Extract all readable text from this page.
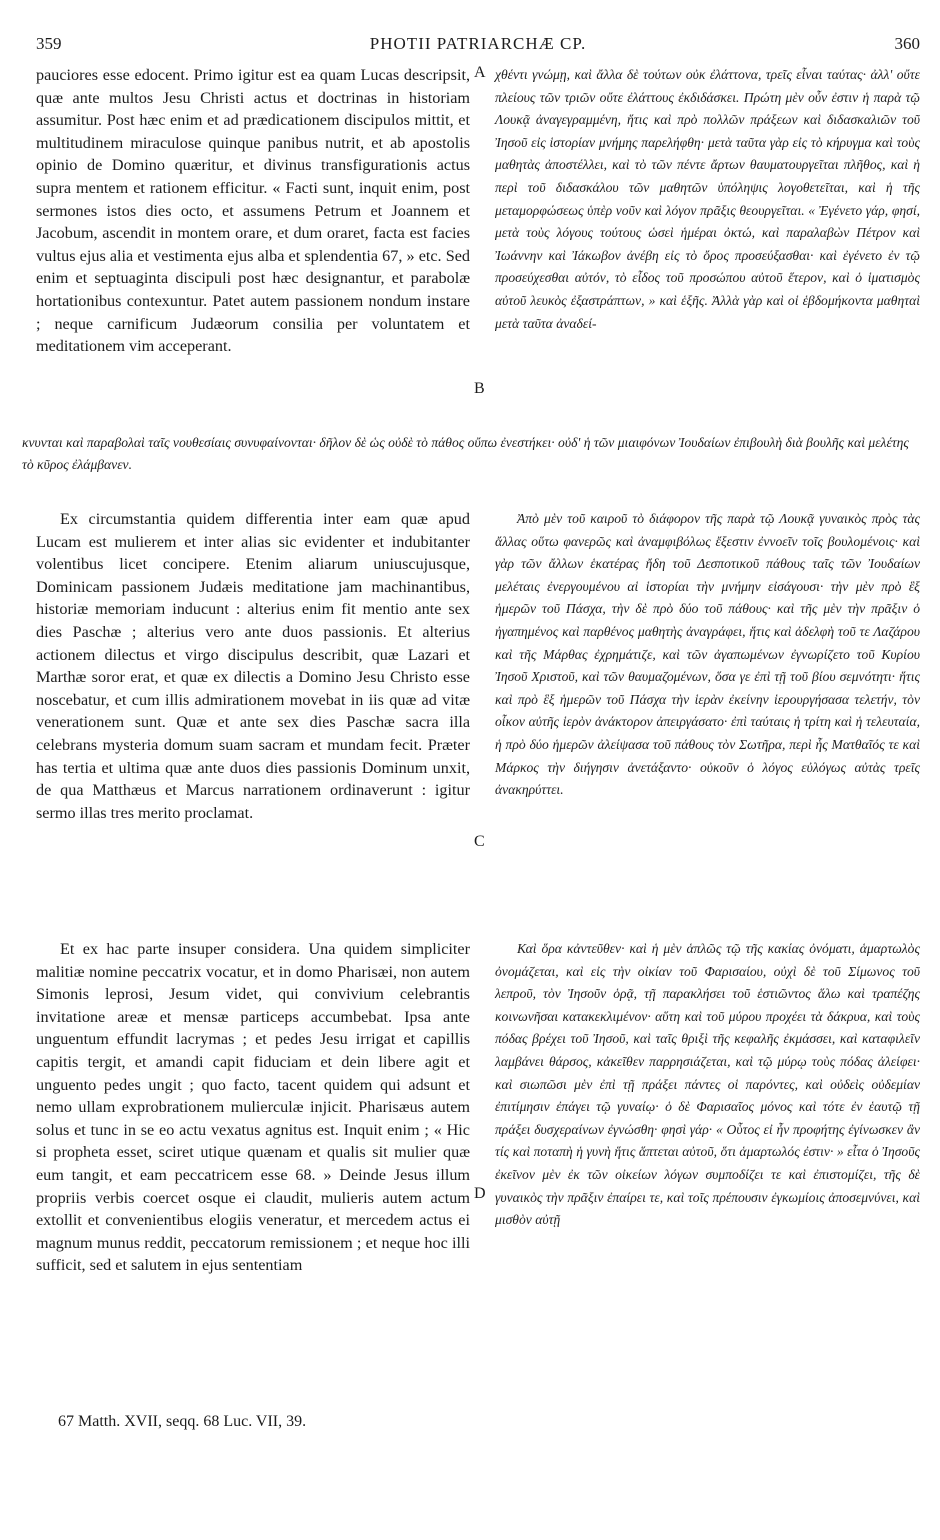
359	PHOTII PATRIARCHÆ CP.	360

pauciores esse edocent. Primo igitur est ea quam Lucas descripsit, quæ ante multos Jesu Christi actus et doctrinas in historiam assumitur. Post hæc enim et ad prædicationem discipulos mittit, et multitudinem miraculose quinque panibus nutrit, et ab apostolis opinio de Domino quæritur, et divinus transfigurationis actus supra mentem et rationem efficitur. « Facti sunt, inquit enim, post sermones istos dies octo, et assumens Petrum et Joannem et Jacobum, ascendit in montem orare, et dum oraret, facta est facies vultus ejus alia et vestimenta ejus alba et splendentia 67, » etc. Sed enim et septuaginta discipuli post hæc designantur, et parabolæ hortationibus contexuntur. Patet autem passionem nondum instare ; neque carnificum Judæorum consilia per voluntatem et meditationem vim acceperant.

χθέντι γνώμῃ, καὶ ἄλλα δὲ τούτων οὐκ ἐλάττονα, τρεῖς εἶναι ταύτας· ἀλλ' οὔτε πλείους τῶν τριῶν οὔτε ἐλάττους ἐκδιδάσκει. Πρώτη μὲν οὖν ἐστιν ἡ παρὰ τῷ Λουκᾷ ἀναγεγραμμένη, ἥτις καὶ πρὸ πολλῶν πράξεων καὶ διδασκαλιῶν τοῦ Ἰησοῦ εἰς ἱστορίαν μνήμης παρελήφθη· μετὰ ταῦτα γὰρ εἰς τὸ κήρυγμα καὶ τοὺς μαθητὰς ἀποστέλλει, καὶ τὸ τῶν πέντε ἄρτων θαυματουργεῖται πλῆθος, καὶ ἡ περὶ τοῦ διδασκάλου τῶν μαθητῶν ὑπόληψις λογοθετεῖται, καὶ ἡ τῆς μεταμορφώσεως ὑπὲρ νοῦν καὶ λόγον πρᾶξις θεουργεῖται. « Ἐγένετο γάρ, φησί, μετὰ τοὺς λόγους τούτους ὡσεὶ ἡμέραι ὀκτώ, καὶ παραλαβὼν Πέτρον καὶ Ἰωάννην καὶ Ἰάκωβον ἀνέβη εἰς τὸ ὄρος προσεύξασθαι· καὶ ἐγένετο ἐν τῷ προσεύχεσθαι αὐτόν, τὸ εἶδος τοῦ προσώπου αὐτοῦ ἕτερον, καὶ ὁ ἱματισμὸς αὐτοῦ λευκὸς ἐξαστράπτων, » καὶ ἑξῆς. Ἀλλὰ γὰρ καὶ οἱ ἑβδομήκοντα μαθηταὶ μετὰ ταῦτα ἀναδεί-

κνυνται καὶ παραβολαὶ ταῖς νουθεσίαις συνυφαίνονται· δῆλον δὲ ὡς οὐδὲ τὸ πάθος οὔπω ἐνεστήκει· οὐδ' ἡ τῶν μιαιφόνων Ἰουδαίων ἐπιβουλὴ διὰ βουλῆς καὶ μελέτης τὸ κῦρος ἐλάμβανεν.

Ex circumstantia quidem differentia inter eam quæ apud Lucam est mulierem et inter alias sic evidenter et indubitanter volentibus licet concipere. Etenim aliarum uniuscujusque, Dominicam passionem Judæis meditatione jam machinantibus, historiæ memoriam inducunt : alterius enim fit mentio ante sex dies Paschæ ; alterius vero ante duos passionis. Et alterius actionem dilectus et virgo discipulus describit, quæ Lazari et Marthæ soror erat, et quæ ex dilectis a Domino Jesu Christo esse noscebatur, et cum illis admirationem movebat in iis quæ ad vitæ venerationem sunt. Quæ et ante sex dies Paschæ sacra illa celebrans mysteria domum suam sacram et mundam fecit. Præter has tertia et ultima quæ ante duos dies passionis Dominum unxit, de qua Matthæus et Marcus narrationem ordinaverunt : igitur sermo illas tres merito proclamat.

Ἀπὸ μὲν τοῦ καιροῦ τὸ διάφορον τῆς παρὰ τῷ Λουκᾷ γυναικὸς πρὸς τὰς ἄλλας οὕτω φανερῶς καὶ ἀναμφιβόλως ἔξεστιν ἐννοεῖν τοῖς βουλομένοις· καὶ γὰρ τῶν ἄλλων ἑκατέρας ἤδη τοῦ Δεσποτικοῦ πάθους ταῖς τῶν Ἰουδαίων μελέταις ἐνεργουμένου αἱ ἱστορίαι τὴν μνήμην εἰσάγουσι· τὴν μὲν πρὸ ἓξ ἡμερῶν τοῦ Πάσχα, τὴν δὲ πρὸ δύο τοῦ πάθους· καὶ τῆς μὲν τὴν πρᾶξιν ὁ ἠγαπημένος καὶ παρθένος μαθητὴς ἀναγράφει, ἥτις καὶ ἀδελφὴ τοῦ τε Λαζάρου καὶ τῆς Μάρθας ἐχρημάτιζε, καὶ τῶν ἀγαπωμένων ἐγνωρίζετο τοῦ Κυρίου Ἰησοῦ Χριστοῦ, καὶ τῶν θαυμαζομένων, ὅσα γε ἐπὶ τῇ τοῦ βίου σεμνότητι· ἥτις καὶ πρὸ ἓξ ἡμερῶν τοῦ Πάσχα τὴν ἱερὰν ἐκείνην ἱερουργήσασα τελετήν, τὸν οἶκον αὐτῆς ἱερὸν ἀνάκτορον ἀπειργάσατο· ἐπὶ ταύταις ἡ τρίτη καὶ ἡ τελευταία, ἡ πρὸ δύο ἡμερῶν ἀλείψασα τοῦ πάθους τὸν Σωτῆρα, περὶ ἧς Ματθαῖός τε καὶ Μάρκος τὴν διήγησιν ἀνετάξαντο· οὐκοῦν ὁ λόγος εὐλόγως αὐτὰς τρεῖς ἀνακηρύττει.

Et ex hac parte insuper considera. Una quidem simpliciter malitiæ nomine peccatrix vocatur, et in domo Pharisæi, non autem Simonis leprosi, Jesum videt, qui convivium celebrantis invitatione areæ et mensæ particeps accumbebat. Ipsa ante unguentum effundit lacrymas ; et pedes Jesu irrigat et capillis capitis tergit, et amandi capit fiduciam et dein libere agit et unguento pedes ungit ; quo facto, tacent quidem qui adsunt et nemo ullam exprobrationem mulierculæ injicit. Pharisæus autem solus et tunc in se eo actu vexatus agnitus est. Inquit enim ; « Hic si propheta esset, sciret utique quænam et qualis sit mulier quæ eum tangit, et eam peccatricem esse 68. » Deinde Jesus illum propriis verbis coercet osque ei claudit, mulieris autem actum extollit et convenientibus elogiis veneratur, et mercedem actus ei magnum munus reddit, peccatorum remissionem ; et neque hoc illi sufficit, sed et salutem in ejus sententiam

Καὶ ὅρα κἀντεῦθεν· καὶ ἡ μὲν ἁπλῶς τῷ τῆς κακίας ὀνόματι, ἁμαρτωλὸς ὀνομάζεται, καὶ εἰς τὴν οἰκίαν τοῦ Φαρισαίου, οὐχὶ δὲ τοῦ Σίμωνος τοῦ λεπροῦ, τὸν Ἰησοῦν ὁρᾷ, τῇ παρακλήσει τοῦ ἑστιῶντος ἅλω καὶ τραπέζης κοινωνῆσαι κατακεκλιμένον· αὕτη καὶ τοῦ μύρου προχέει τὰ δάκρυα, καὶ τοὺς πόδας βρέχει τοῦ Ἰησοῦ, καὶ ταῖς θριξὶ τῆς κεφαλῆς ἐκμάσσει, καὶ καταφιλεῖν λαμβάνει θάρσος, κἀκεῖθεν παρρησιάζεται, καὶ τῷ μύρῳ τοὺς πόδας ἀλείφει· καὶ σιωπῶσι μὲν ἐπὶ τῇ πράξει πάντες οἱ παρόντες, καὶ οὐδεὶς οὐδεμίαν ἐπιτίμησιν ἐπάγει τῷ γυναίῳ· ὁ δὲ Φαρισαῖος μόνος καὶ τότε ἐν ἑαυτῷ τῇ πράξει δυσχεραίνων ἐγνώσθη· φησὶ γάρ· « Οὗτος εἰ ἦν προφήτης ἐγίνωσκεν ἂν τίς καὶ ποταπὴ ἡ γυνὴ ἥτις ἅπτεται αὐτοῦ, ὅτι ἁμαρτωλός ἐστιν· » εἶτα ὁ Ἰησοῦς ἐκεῖνον μὲν ἐκ τῶν οἰκείων λόγων συμποδίζει τε καὶ ἐπιστομίζει, τῆς δὲ γυναικὸς τὴν πρᾶξιν ἐπαίρει τε, καὶ τοῖς πρέπουσιν ἐγκωμίοις ἀποσεμνύνει, καὶ μισθὸν αὐτῇ

A
B
C
D
67 Matth. XVII, seqq. 68 Luc. VII, 39.
